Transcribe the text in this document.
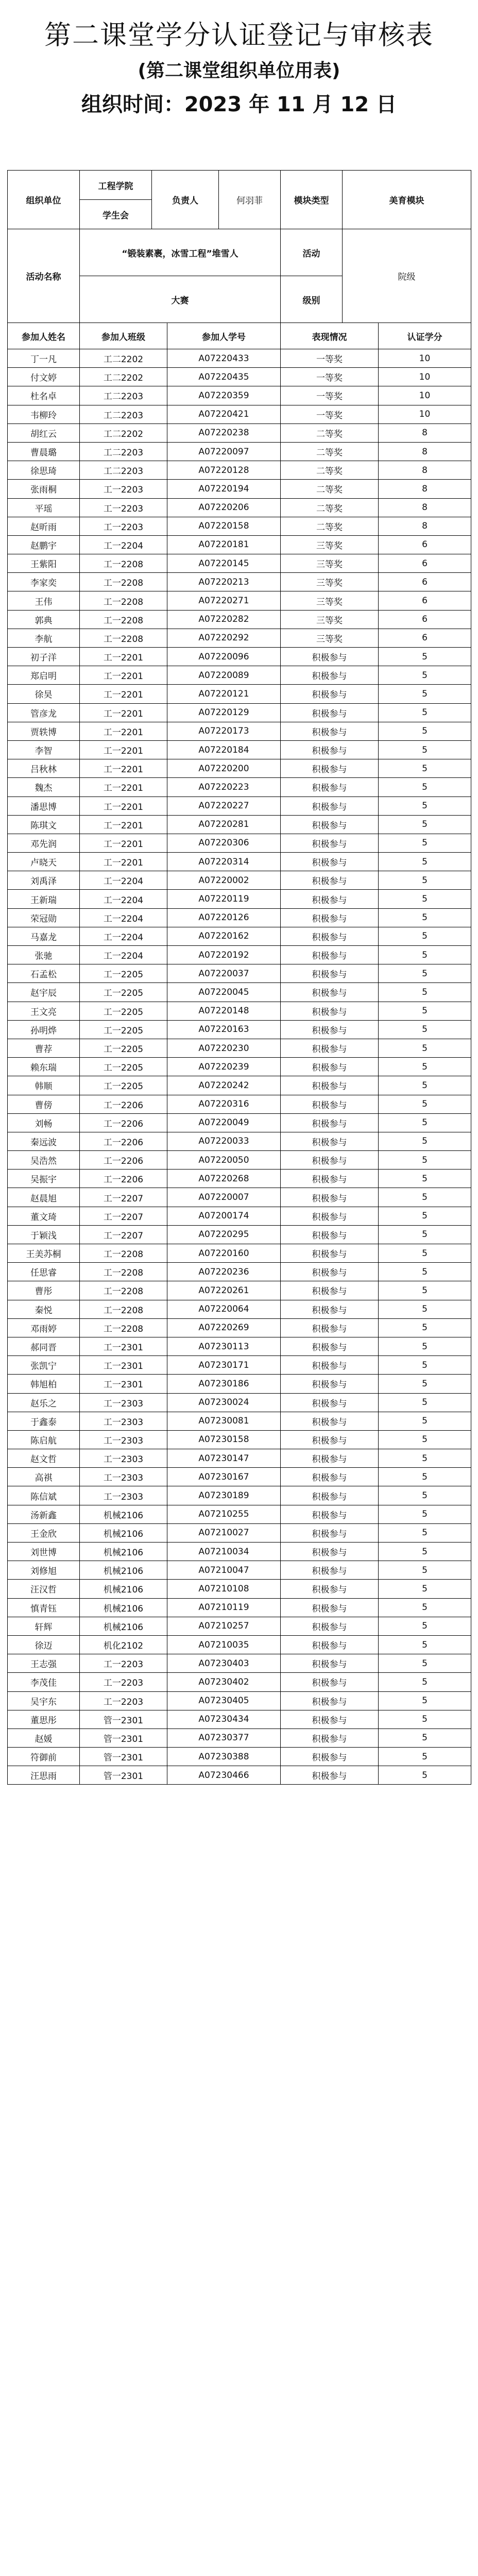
第二课堂学分认证登记与审核表

(第二课堂组织单位用表)

组织时间：2023 年 11 月 12 日

组织单位	工程学院	负责人	何羽菲	模块类型	美育模块
学生会
活动名称	“锻装素裹，冰雪工程”堆雪人	活动	院级
	大赛	级别	
参加人姓名	参加人班级	参加人学号	表现情况	认证学分
丁一凡	工二2202	A07220433	一等奖	10
付文婷	工二2202	A07220435	一等奖	10
杜名卓	工二2203	A07220359	一等奖	10
韦柳玲	工二2203	A07220421	一等奖	10
胡红云	工二2202	A07220238	二等奖	8
曹晨璐	工二2203	A07220097	二等奖	8
徐思琦	工二2203	A07220128	二等奖	8
张雨桐	工一2203	A07220194	二等奖	8
平瑶	工一2203	A07220206	二等奖	8
赵昕雨	工一2203	A07220158	二等奖	8
赵鹏宇	工一2204	A07220181	三等奖	6
王紫阳	工一2208	A07220145	三等奖	6
李家奕	工一2208	A07220213	三等奖	6
王伟	工一2208	A07220271	三等奖	6
郭典	工一2208	A07220282	三等奖	6
李航	工一2208	A07220292	三等奖	6
初子洋	工一2201	A07220096	积极参与	5
郑启明	工一2201	A07220089	积极参与	5
徐昊	工一2201	A07220121	积极参与	5
管彦龙	工一2201	A07220129	积极参与	5
贾轶博	工一2201	A07220173	积极参与	5
李智	工一2201	A07220184	积极参与	5
吕秋林	工一2201	A07220200	积极参与	5
魏杰	工一2201	A07220223	积极参与	5
潘思博	工一2201	A07220227	积极参与	5
陈琪文	工一2201	A07220281	积极参与	5
邓先润	工一2201	A07220306	积极参与	5
卢晓天	工一2201	A07220314	积极参与	5
刘禹泽	工一2204	A07220002	积极参与	5
王新瑞	工一2204	A07220119	积极参与	5
荣冠勋	工一2204	A07220126	积极参与	5
马嘉龙	工一2204	A07220162	积极参与	5
张驰	工一2204	A07220192	积极参与	5
石孟松	工一2205	A07220037	积极参与	5
赵宇辰	工一2205	A07220045	积极参与	5
王文亮	工一2205	A07220148	积极参与	5
孙明烨	工一2205	A07220163	积极参与	5
曹荐	工一2205	A07220230	积极参与	5
赖东瑞	工一2205	A07220239	积极参与	5
韩顺	工一2205	A07220242	积极参与	5
曹傍	工一2206	A07220316	积极参与	5
刘畅	工一2206	A07220049	积极参与	5
秦远波	工一2206	A07220033	积极参与	5
吴浩然	工一2206	A07220050	积极参与	5
吴振宇	工一2206	A07220268	积极参与	5
赵晨旭	工一2207	A07220007	积极参与	5
董文琦	工一2207	A07200174	积极参与	5
于颖浅	工一2207	A07220295	积极参与	5
王美苏桐	工一2208	A07220160	积极参与	5
任思睿	工一2208	A07220236	积极参与	5
曹彤	工一2208	A07220261	积极参与	5
秦悦	工一2208	A07220064	积极参与	5
邓雨婷	工一2208	A07220269	积极参与	5
郝同晋	工一2301	A07230113	积极参与	5
张凯宁	工一2301	A07230171	积极参与	5
韩旭柏	工一2301	A07230186	积极参与	5
赵乐之	工一2303	A07230024	积极参与	5
于鑫泰	工一2303	A07230081	积极参与	5
陈启航	工一2303	A07230158	积极参与	5
赵文哲	工一2303	A07230147	积极参与	5
高祺	工一2303	A07230167	积极参与	5
陈信斌	工一2303	A07230189	积极参与	5
汤新鑫	机械2106	A07210255	积极参与	5
王金欣	机械2106	A07210027	积极参与	5
刘世博	机械2106	A07210034	积极参与	5
刘修旭	机械2106	A07210047	积极参与	5
汪汉哲	机械2106	A07210108	积极参与	5
慎青钰	机械2106	A07210119	积极参与	5
轩辉	机械2106	A07210257	积极参与	5
徐迈	机化2102	A07210035	积极参与	5
王志强	工一2203	A07230403	积极参与	5
李茂佳	工一2203	A07230402	积极参与	5
吴宇东	工一2203	A07230405	积极参与	5
董思彤	管一2301	A07230434	积极参与	5
赵媛	管一2301	A07230377	积极参与	5
符御前	管一2301	A07230388	积极参与	5
汪思雨	管一2301	A07230466	积极参与	5
